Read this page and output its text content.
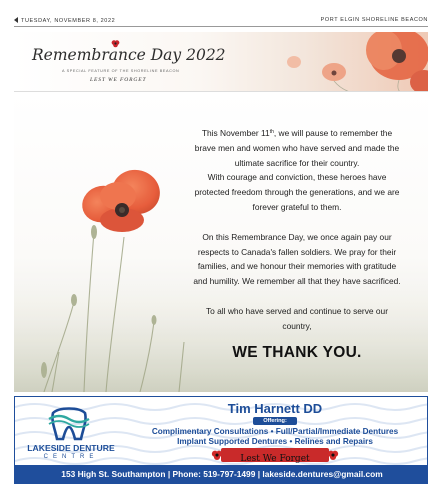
TUESDAY, NOVEMBER 8, 2022	PORT ELGIN SHORELINE BEACON
Remembrance Day 2022
A SPECIAL FEATURE OF THE SHORELINE BEACON
LEST WE FORGET

This November 11th, we will pause to remember the

brave men and women who have served and made the

ultimate sacrifice for their country.

With courage and conviction, these heroes have

protected freedom through the generations, and we are

forever grateful to them.

On this Remembrance Day, we once again pay our

respects to Canada's fallen soldiers. We pray for their

families, and we honour their memories with gratitude

and humility. We remember all that they have sacrificed.

To all who have served and continue to serve our

country,

WE THANK YOU.
LAKESIDE DENTURE
CENTRE
Tim Harnett DD
Offering:
Complimentary Consultations • Full/Partial/Immediate Dentures
Implant Supported Dentures • Relines and Repairs
Lest We Forget
153 High St. Southampton | Phone: 519-797-1499 | lakeside.dentures@gmail.com
